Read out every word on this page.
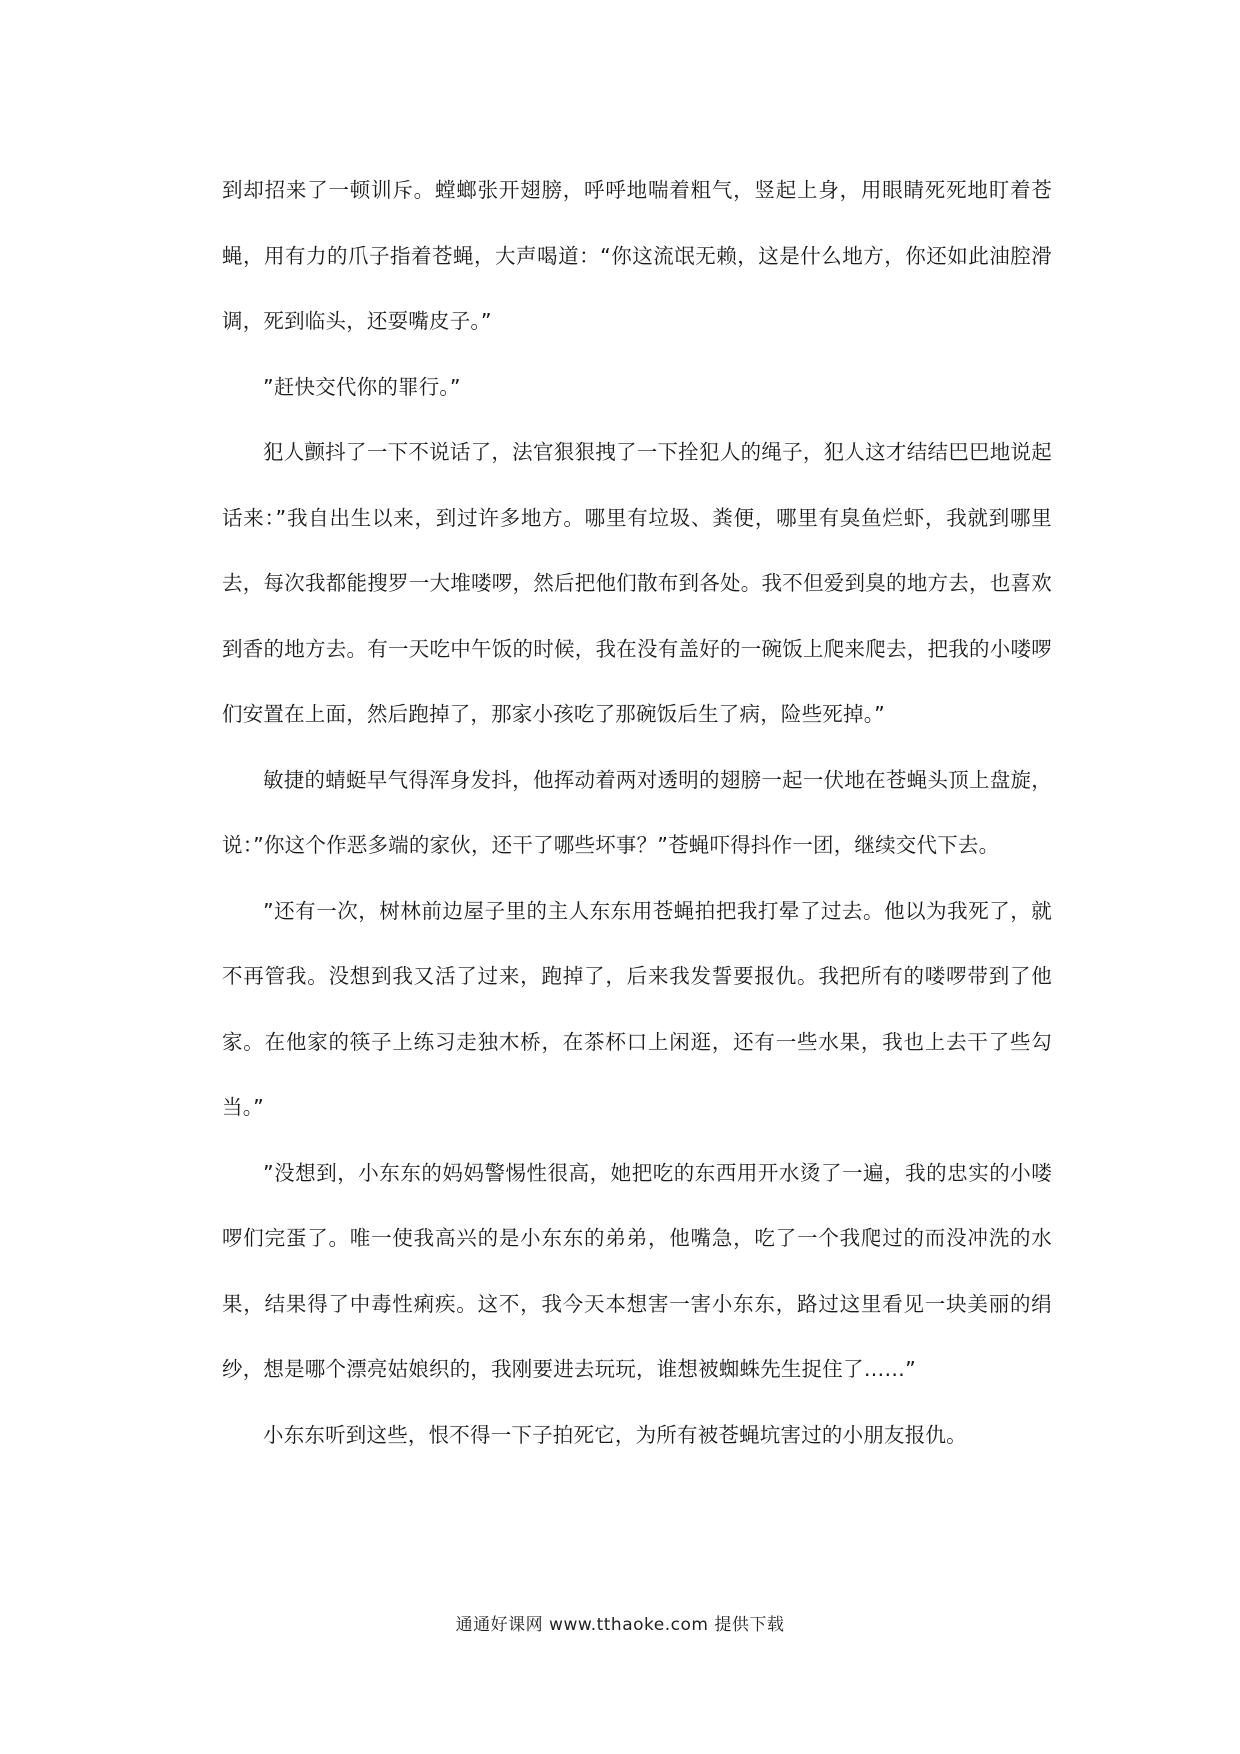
到却招来了一顿训斥。螳螂张开翅膀，呼呼地喘着粗气，竖起上身，用眼睛死死地盯着苍蝇，用有力的爪子指着苍蝇，大声喝道：“你这流氓无赖，这是什么地方，你还如此油腔滑调，死到临头，还耍嘴皮子。”

”赶快交代你的罪行。”

犯人颤抖了一下不说话了，法官狠狠拽了一下拴犯人的绳子，犯人这才结结巴巴地说起话来：”我自出生以来，到过许多地方。哪里有垃圾、粪便，哪里有臭鱼烂虾，我就到哪里去，每次我都能搜罗一大堆喽啰，然后把他们散布到各处。我不但爱到臭的地方去，也喜欢到香的地方去。有一天吃中午饭的时候，我在没有盖好的一碗饭上爬来爬去，把我的小喽啰们安置在上面，然后跑掉了，那家小孩吃了那碗饭后生了病，险些死掉。”

敏捷的蜻蜓早气得浑身发抖，他挥动着两对透明的翅膀一起一伏地在苍蝇头顶上盘旋，说：”你这个作恶多端的家伙，还干了哪些坏事？”苍蝇吓得抖作一团，继续交代下去。

”还有一次，树林前边屋子里的主人东东用苍蝇拍把我打晕了过去。他以为我死了，就不再管我。没想到我又活了过来，跑掉了，后来我发誓要报仇。我把所有的喽啰带到了他家。在他家的筷子上练习走独木桥，在茶杯口上闲逛，还有一些水果，我也上去干了些勾当。”

”没想到，小东东的妈妈警惕性很高，她把吃的东西用开水烫了一遍，我的忠实的小喽啰们完蛋了。唯一使我高兴的是小东东的弟弟，他嘴急，吃了一个我爬过的而没冲洗的水果，结果得了中毒性痢疾。这不，我今天本想害一害小东东，路过这里看见一块美丽的绢纱，想是哪个漂亮姑娘织的，我刚要进去玩玩，谁想被蜘蛛先生捉住了……”

小东东听到这些，恨不得一下子拍死它，为所有被苍蝇坑害过的小朋友报仇。

通通好课网 www.tthaoke.com 提供下载
